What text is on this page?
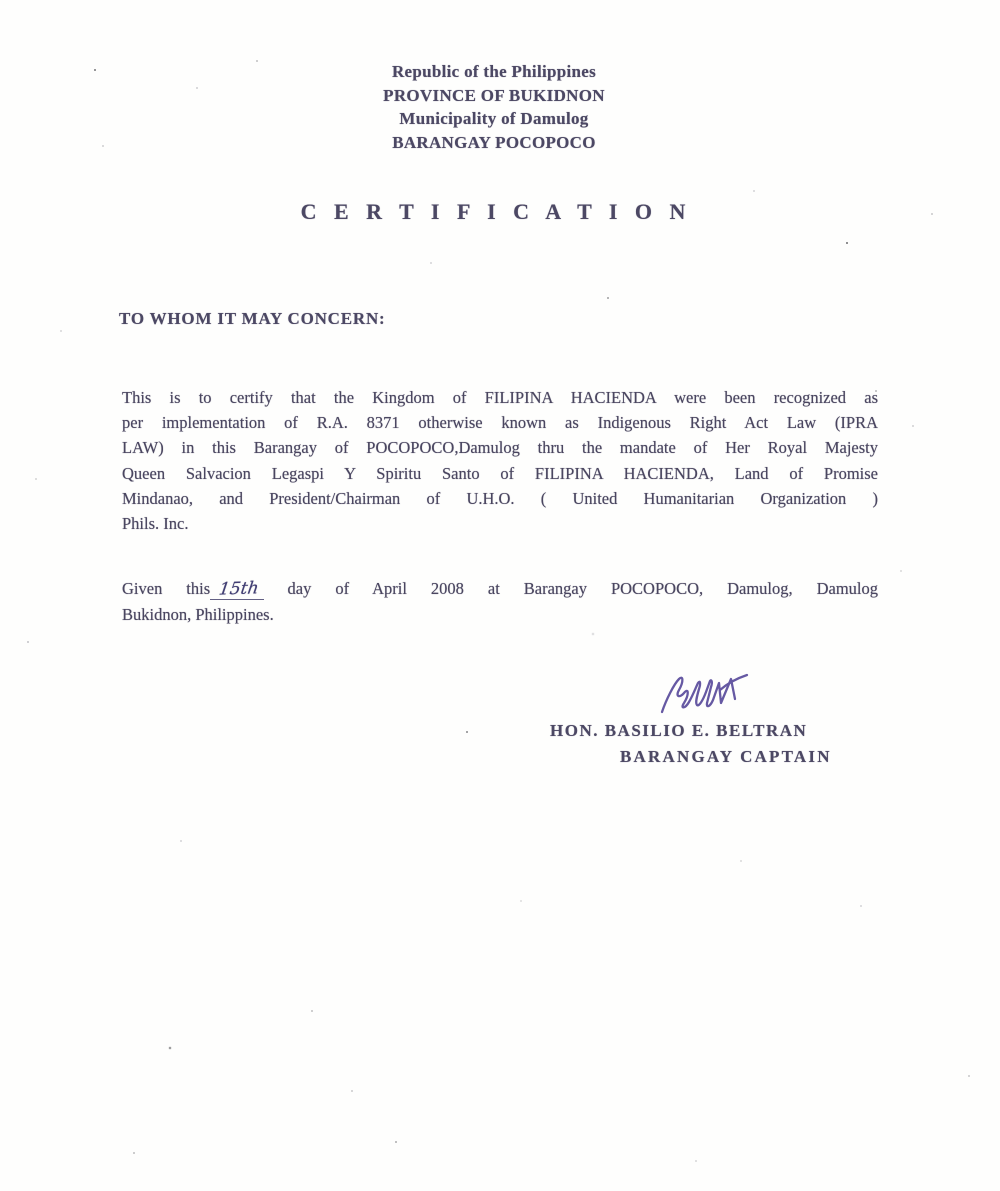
Republic of the Philippines
PROVINCE OF BUKIDNON
Municipality of Damulog
BARANGAY POCOPOCO
C E R T I F I C A T I O N
TO WHOM IT MAY CONCERN:
This is to certify that the Kingdom of FILIPINA HACIENDA were been recognized as
per implementation of R.A. 8371 otherwise known as Indigenous Right Act Law (IPRA
LAW) in this Barangay of POCOPOCO,Damulog thru the mandate of Her Royal Majesty
Queen Salvacion Legaspi Y Spiritu Santo of FILIPINA HACIENDA, Land of Promise
Mindanao, and President/Chairman of U.H.O. ( United Humanitarian Organization )
Phils. Inc.
Given this 15th day of April 2008 at Barangay POCOPOCO, Damulog, Damulog
Bukidnon, Philippines.
HON. BASILIO E. BELTRAN
BARANGAY CAPTAIN
